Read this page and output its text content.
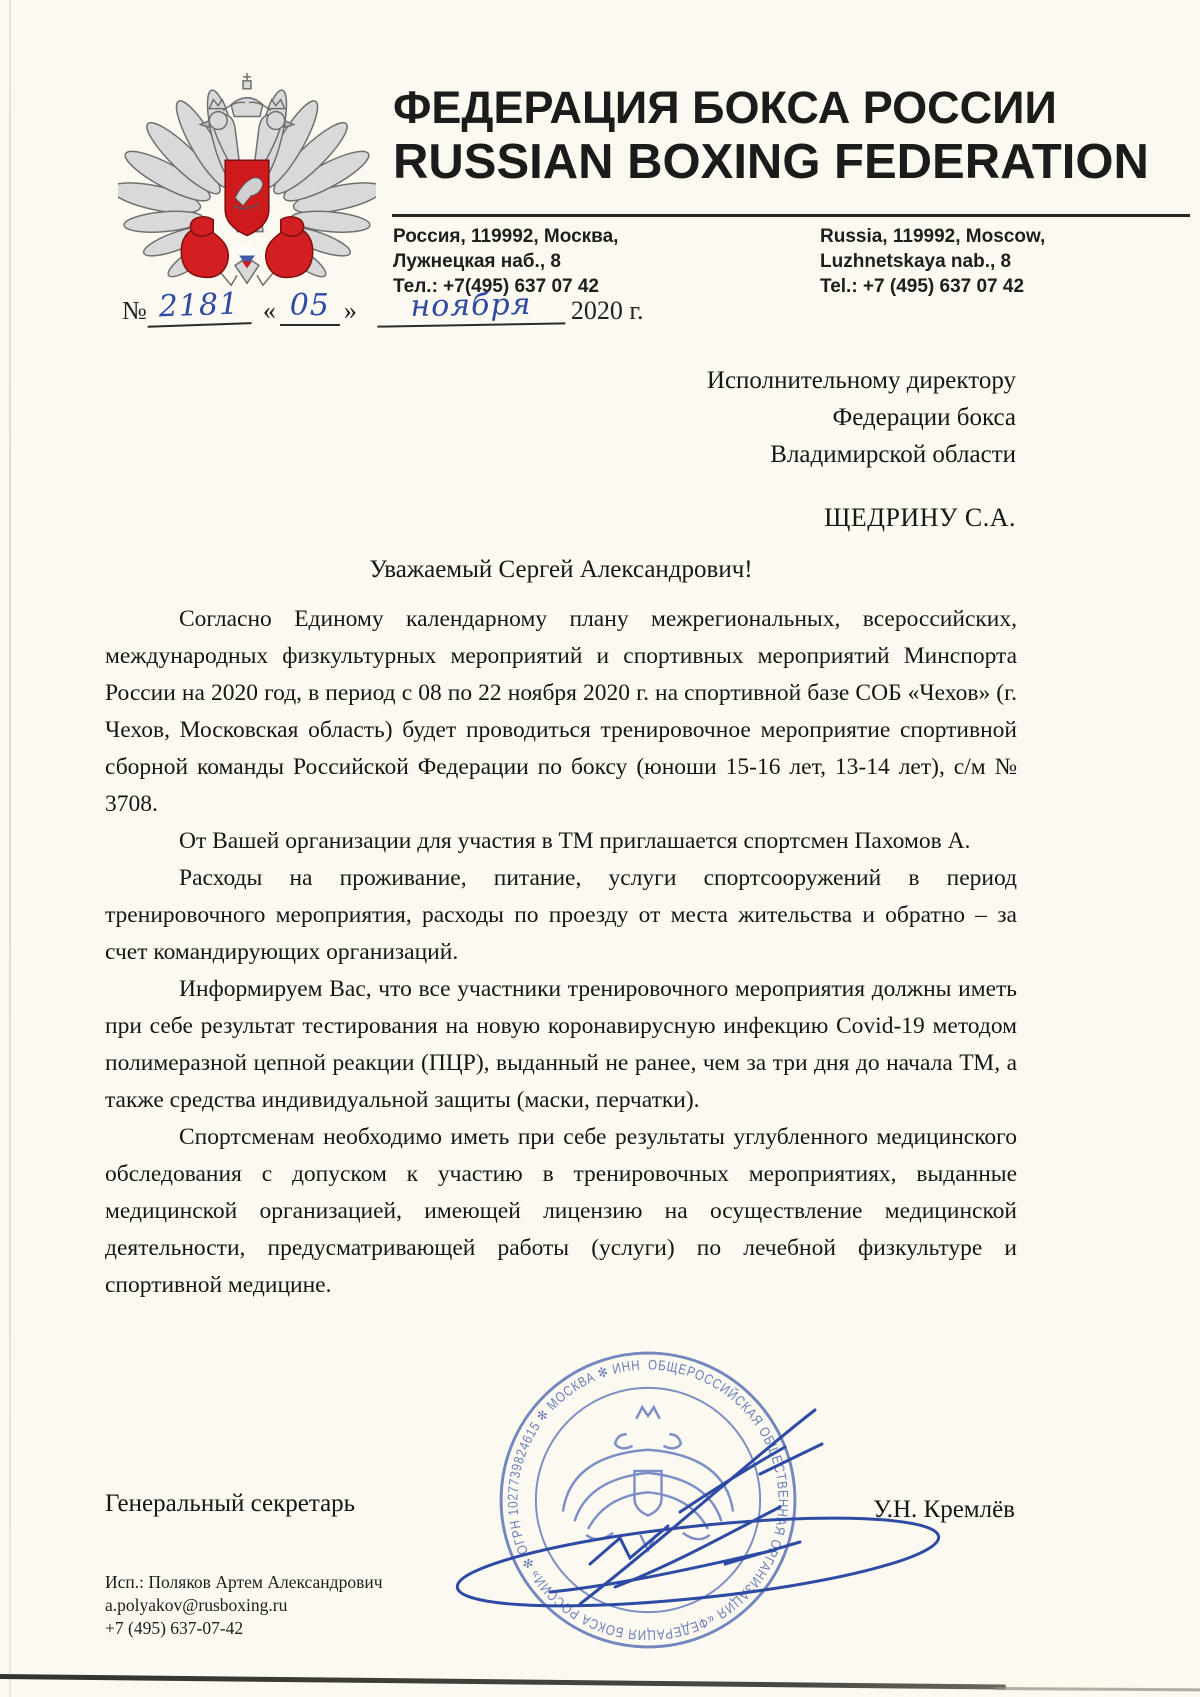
ФЕДЕРАЦИЯ БОКСА РОССИИ
RUSSIAN BOXING FEDERATION
Россия, 119992, Москва,
Лужнецкая наб., 8
Тел.: +7(495) 637 07 42
Russia, 119992, Moscow,
Luzhnetskaya nab., 8
Tel.: +7 (495) 637 07 42
№ 2181 « 05 » ноября 2020 г.
Исполнительному директору
Федерации бокса
Владимирской области
ЩЕДРИНУ С.А.
Уважаемый Сергей Александрович!

Согласно Единому календарному плану межрегиональных, всероссийских, международных физкультурных мероприятий и спортивных мероприятий Минспорта России на 2020 год, в период с 08 по 22 ноября 2020 г. на спортивной базе СОБ «Чехов» (г. Чехов, Московская область) будет проводиться тренировочное мероприятие спортивной сборной команды Российской Федерации по боксу (юноши 15-16 лет, 13-14 лет), с/м № 3708.

От Вашей организации для участия в ТМ приглашается спортсмен Пахомов А.

Расходы на проживание, питание, услуги спортсооружений в период тренировочного мероприятия, расходы по проезду от места жительства и обратно – за счет командирующих организаций.

Информируем Вас, что все участники тренировочного мероприятия должны иметь при себе результат тестирования на новую коронавирусную инфекцию Covid-19 методом полимеразной цепной реакции (ПЦР), выданный не ранее, чем за три дня до начала ТМ, а также средства индивидуальной защиты (маски, перчатки).

Спортсменам необходимо иметь при себе результаты углубленного медицинского обследования с допуском к участию в тренировочных мероприятиях, выданные медицинской организацией, имеющей лицензию на осуществление медицинской деятельности, предусматривающей работы (услуги) по лечебной физкультуре и спортивной медицине.

Генеральный секретарь	У.Н. Кремлёв
ОБЩЕРОССИЙСКАЯ ОБЩЕСТВЕННАЯ ОРГАНИЗАЦИЯ «ФЕДЕРАЦИЯ БОКСА РОССИИ» ✻ ОГРН 1027739824615 ✻ МОСКВА ✻ ИНН
Исп.: Поляков Артем Александрович
a.polyakov@rusboxing.ru
+7 (495) 637-07-42
